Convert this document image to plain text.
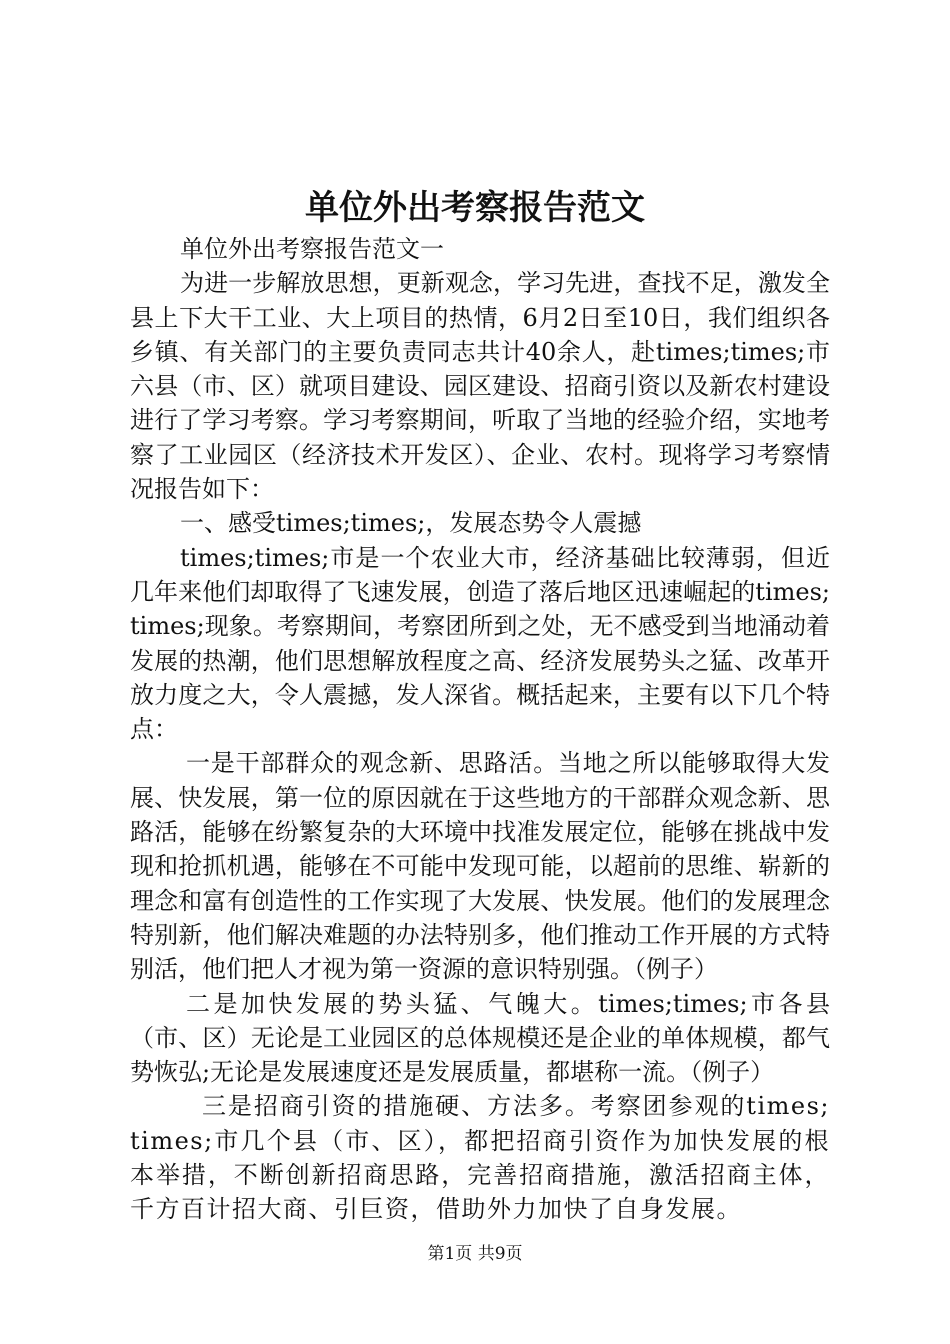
单位外出考察报告范文

单位外出考察报告范文一

为进一步解放思想，更新观念，学习先进，查找不足，激发全县上下大干工业、大上项目的热情，6月2日至10日，我们组织各乡镇、有关部门的主要负责同志共计40余人，赴times;times;市六县（市、区）就项目建设、园区建设、招商引资以及新农村建设进行了学习考察。学习考察期间，听取了当地的经验介绍，实地考察了工业园区（经济技术开发区）、企业、农村。现将学习考察情况报告如下：

一、感受times;times;，发展态势令人震撼

times;times;市是一个农业大市，经济基础比较薄弱，但近几年来他们却取得了飞速发展，创造了落后地区迅速崛起的times;times;现象。考察期间，考察团所到之处，无不感受到当地涌动着发展的热潮，他们思想解放程度之高、经济发展势头之猛、改革开放力度之大，令人震撼，发人深省。概括起来，主要有以下几个特点：

一是干部群众的观念新、思路活。当地之所以能够取得大发展、快发展，第一位的原因就在于这些地方的干部群众观念新、思路活，能够在纷繁复杂的大环境中找准发展定位，能够在挑战中发现和抢抓机遇，能够在不可能中发现可能，以超前的思维、崭新的理念和富有创造性的工作实现了大发展、快发展。他们的发展理念特别新，他们解决难题的办法特别多，他们推动工作开展的方式特别活，他们把人才视为第一资源的意识特别强。（例子）

二是加快发展的势头猛、气魄大。times;times;市各县（市、区）无论是工业园区的总体规模还是企业的单体规模，都气势恢弘;无论是发展速度还是发展质量，都堪称一流。（例子）

三是招商引资的措施硬、方法多。考察团参观的times;times;市几个县（市、区），都把招商引资作为加快发展的根本举措，不断创新招商思路，完善招商措施，激活招商主体，千方百计招大商、引巨资，借助外力加快了自身发展。

第1页 共9页
